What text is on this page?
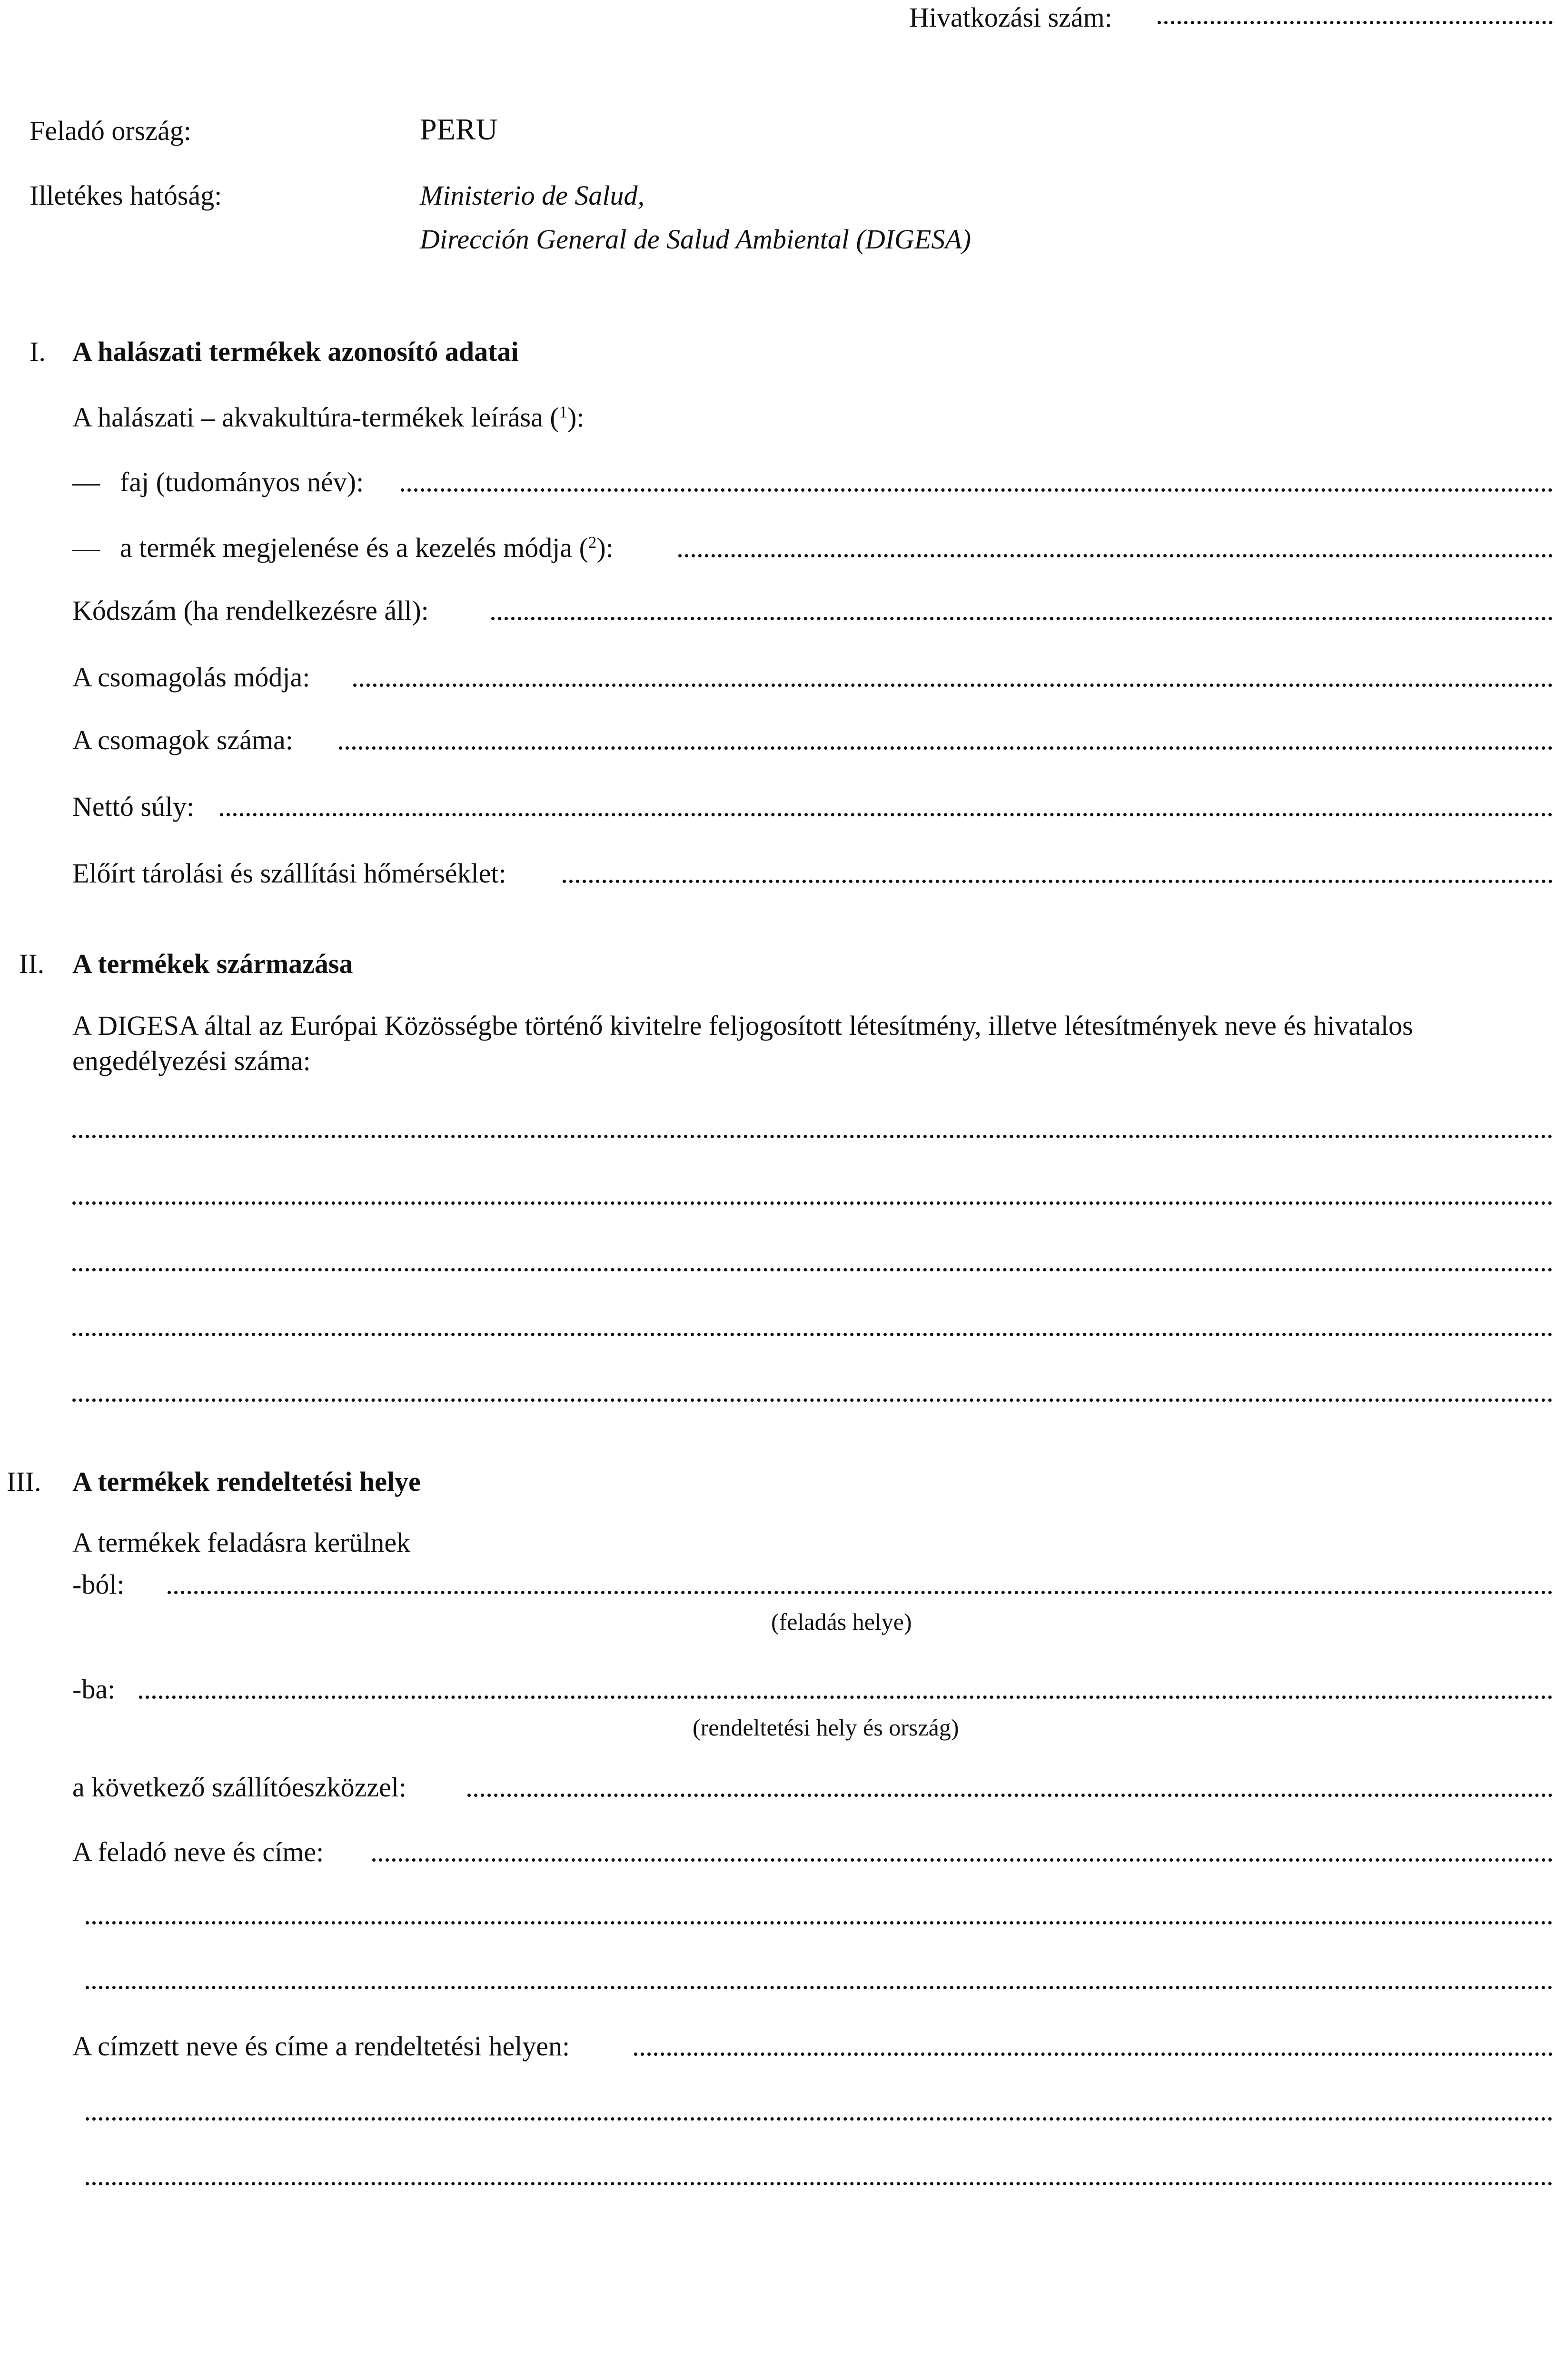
Hivatkozási szám:
Feladó ország:	PERU
Illetékes hatóság:	Ministerio de Salud,
Dirección General de Salud Ambiental (DIGESA)
I. A halászati termékek azonosító adatai
A halászati – akvakultúra-termékek leírása ($^1$):
— faj (tudományos név):
— a termék megjelenése és a kezelés módja ($^2$):
Kódszám (ha rendelkezésre áll):
A csomagolás módja:
A csomagok száma:
Nettó súly:
Előírt tárolási és szállítási hőmérséklet:
II. A termékek származása
A DIGESA által az Európai Közösségbe történő kivitelre feljogosított létesítmény, illetve létesítmények neve és hivatalos
engedélyezési száma:
III. A termékek rendeltetési helye
A termékek feladásra kerülnek
-ból:
(feladás helye)
-ba:
(rendeltetési hely és ország)
a következő szállítóeszközzel:
A feladó neve és címe:
A címzett neve és címe a rendeltetési helyen:
